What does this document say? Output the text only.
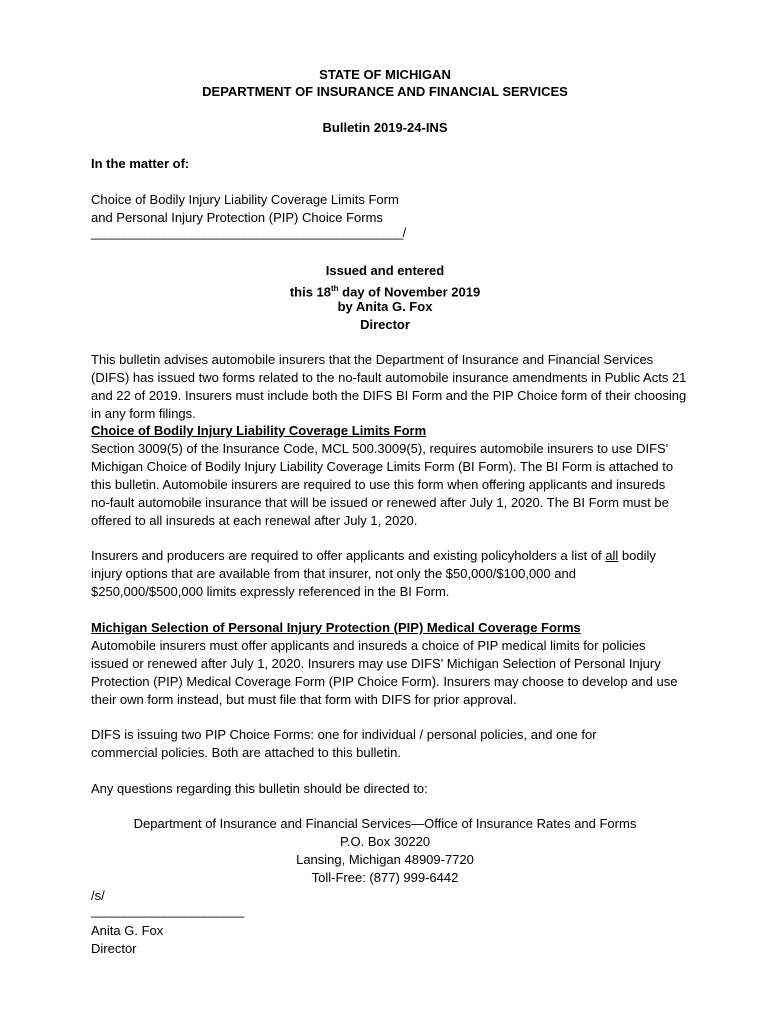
STATE OF MICHIGAN
DEPARTMENT OF INSURANCE AND FINANCIAL SERVICES
Bulletin 2019-24-INS
In the matter of:
Choice of Bodily Injury Liability Coverage Limits Form
and Personal Injury Protection (PIP) Choice Forms
_______________________________________________/
Issued and entered
this 18th day of November 2019
by Anita G. Fox
Director

This bulletin advises automobile insurers that the Department of Insurance and Financial Services (DIFS) has issued two forms related to the no-fault automobile insurance amendments in Public Acts 21 and 22 of 2019. Insurers must include both the DIFS BI Form and the PIP Choice form of their choosing in any form filings.

Choice of Bodily Injury Liability Coverage Limits Form

Section 3009(5) of the Insurance Code, MCL 500.3009(5), requires automobile insurers to use DIFS' Michigan Choice of Bodily Injury Liability Coverage Limits Form (BI Form). The BI Form is attached to this bulletin. Automobile insurers are required to use this form when offering applicants and insureds no-fault automobile insurance that will be issued or renewed after July 1, 2020. The BI Form must be offered to all insureds at each renewal after July 1, 2020.

Insurers and producers are required to offer applicants and existing policyholders a list of all bodily injury options that are available from that insurer, not only the $50,000/$100,000 and $250,000/$500,000 limits expressly referenced in the BI Form.

Michigan Selection of Personal Injury Protection (PIP) Medical Coverage Forms

Automobile insurers must offer applicants and insureds a choice of PIP medical limits for policies issued or renewed after July 1, 2020. Insurers may use DIFS' Michigan Selection of Personal Injury Protection (PIP) Medical Coverage Form (PIP Choice Form). Insurers may choose to develop and use their own form instead, but must file that form with DIFS for prior approval.

DIFS is issuing two PIP Choice Forms: one for individual / personal policies, and one for commercial policies. Both are attached to this bulletin.

Any questions regarding this bulletin should be directed to:
Department of Insurance and Financial Services—Office of Insurance Rates and Forms
P.O. Box 30220
Lansing, Michigan 48909-7720
Toll-Free: (877) 999-6442
/s/
_______________________
Anita G. Fox
Director
